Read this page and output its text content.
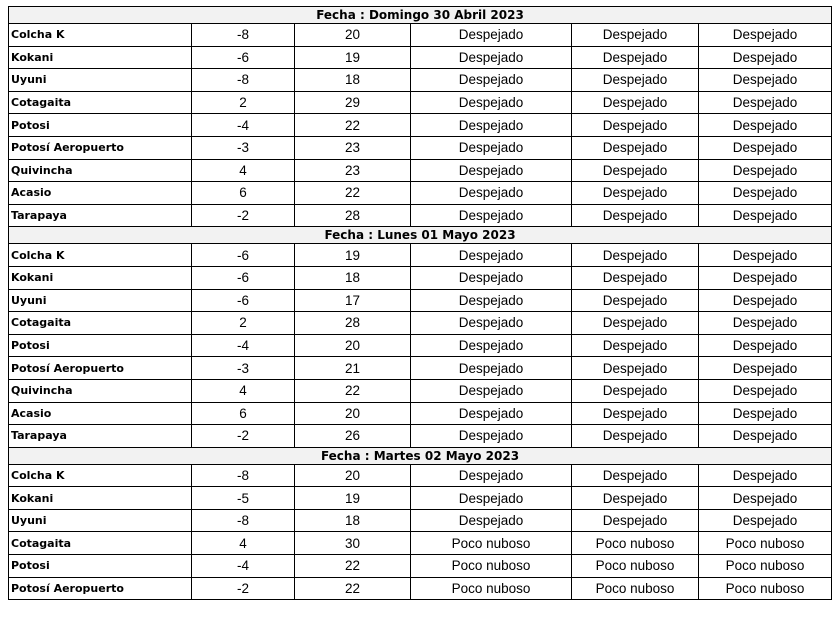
Fecha : Domingo 30 Abril 2023					
Colcha K	-8	20	Despejado	Despejado	Despejado
Kokani	-6	19	Despejado	Despejado	Despejado
Uyuni	-8	18	Despejado	Despejado	Despejado
Cotagaita	2	29	Despejado	Despejado	Despejado
Potosi	-4	22	Despejado	Despejado	Despejado
Potosí Aeropuerto	-3	23	Despejado	Despejado	Despejado
Quivincha	4	23	Despejado	Despejado	Despejado
Acasio	6	22	Despejado	Despejado	Despejado
Tarapaya	-2	28	Despejado	Despejado	Despejado
Fecha : Lunes 01 Mayo 2023					
Colcha K	-6	19	Despejado	Despejado	Despejado
Kokani	-6	18	Despejado	Despejado	Despejado
Uyuni	-6	17	Despejado	Despejado	Despejado
Cotagaita	2	28	Despejado	Despejado	Despejado
Potosi	-4	20	Despejado	Despejado	Despejado
Potosí Aeropuerto	-3	21	Despejado	Despejado	Despejado
Quivincha	4	22	Despejado	Despejado	Despejado
Acasio	6	20	Despejado	Despejado	Despejado
Tarapaya	-2	26	Despejado	Despejado	Despejado
Fecha : Martes 02 Mayo 2023					
Colcha K	-8	20	Despejado	Despejado	Despejado
Kokani	-5	19	Despejado	Despejado	Despejado
Uyuni	-8	18	Despejado	Despejado	Despejado
Cotagaita	4	30	Poco nuboso	Poco nuboso	Poco nuboso
Potosi	-4	22	Poco nuboso	Poco nuboso	Poco nuboso
Potosí Aeropuerto	-2	22	Poco nuboso	Poco nuboso	Poco nuboso
